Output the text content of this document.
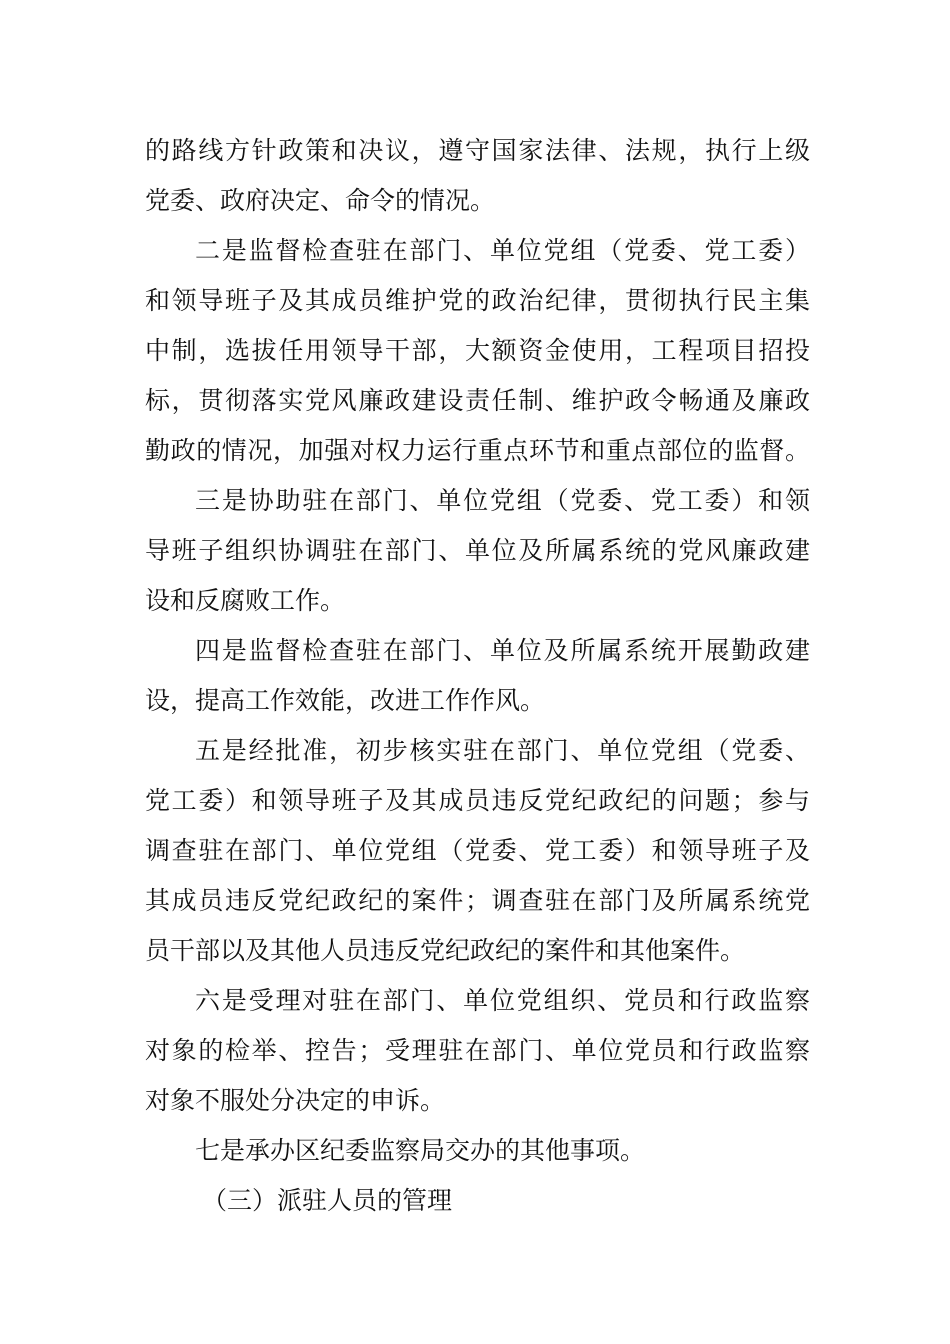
的路线方针政策和决议，遵守国家法律、法规，执行上级
党委、政府决定、命令的情况。
二是监督检查驻在部门、单位党组（党委、党工委）
和领导班子及其成员维护党的政治纪律，贯彻执行民主集
中制，选拔任用领导干部，大额资金使用，工程项目招投
标，贯彻落实党风廉政建设责任制、维护政令畅通及廉政
勤政的情况，加强对权力运行重点环节和重点部位的监督。
三是协助驻在部门、单位党组（党委、党工委）和领
导班子组织协调驻在部门、单位及所属系统的党风廉政建
设和反腐败工作。
四是监督检查驻在部门、单位及所属系统开展勤政建
设，提高工作效能，改进工作作风。
五是经批准，初步核实驻在部门、单位党组（党委、
党工委）和领导班子及其成员违反党纪政纪的问题；参与
调查驻在部门、单位党组（党委、党工委）和领导班子及
其成员违反党纪政纪的案件；调查驻在部门及所属系统党
员干部以及其他人员违反党纪政纪的案件和其他案件。
六是受理对驻在部门、单位党组织、党员和行政监察
对象的检举、控告；受理驻在部门、单位党员和行政监察
对象不服处分决定的申诉。
七是承办区纪委监察局交办的其他事项。
（三）派驻人员的管理
